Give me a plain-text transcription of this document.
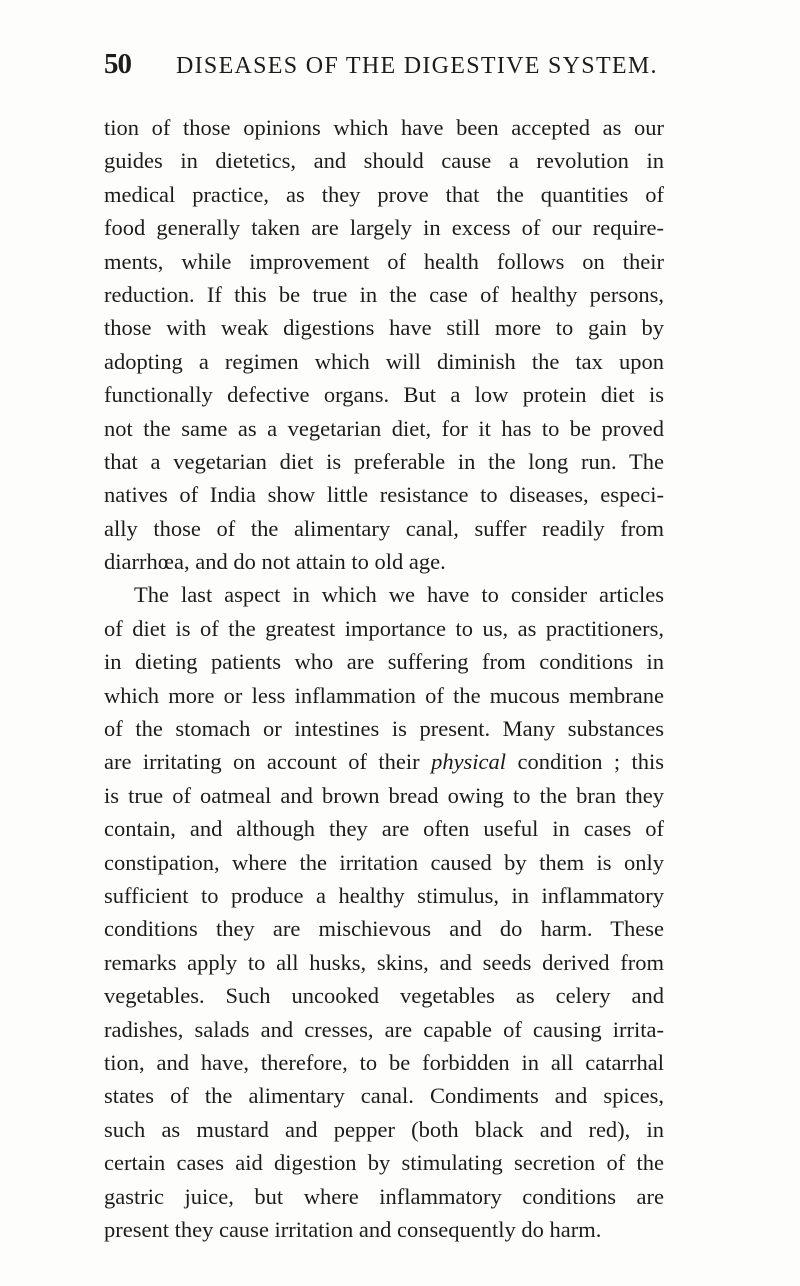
50 DISEASES OF THE DIGESTIVE SYSTEM.
tion of those opinions which have been accepted as our
guides in dietetics, and should cause a revolution in
medical practice, as they prove that the quantities of
food generally taken are largely in excess of our require-
ments, while improvement of health follows on their
reduction. If this be true in the case of healthy persons,
those with weak digestions have still more to gain by
adopting a regimen which will diminish the tax upon
functionally defective organs. But a low protein diet is
not the same as a vegetarian diet, for it has to be proved
that a vegetarian diet is preferable in the long run. The
natives of India show little resistance to diseases, especi-
ally those of the alimentary canal, suffer readily from
diarrhœa, and do not attain to old age.
The last aspect in which we have to consider articles
of diet is of the greatest importance to us, as practitioners,
in dieting patients who are suffering from conditions in
which more or less inflammation of the mucous membrane
of the stomach or intestines is present. Many substances
are irritating on account of their physical condition ; this
is true of oatmeal and brown bread owing to the bran they
contain, and although they are often useful in cases of
constipation, where the irritation caused by them is only
sufficient to produce a healthy stimulus, in inflammatory
conditions they are mischievous and do harm. These
remarks apply to all husks, skins, and seeds derived from
vegetables. Such uncooked vegetables as celery and
radishes, salads and cresses, are capable of causing irrita-
tion, and have, therefore, to be forbidden in all catarrhal
states of the alimentary canal. Condiments and spices,
such as mustard and pepper (both black and red), in
certain cases aid digestion by stimulating secretion of the
gastric juice, but where inflammatory conditions are
present they cause irritation and consequently do harm.
